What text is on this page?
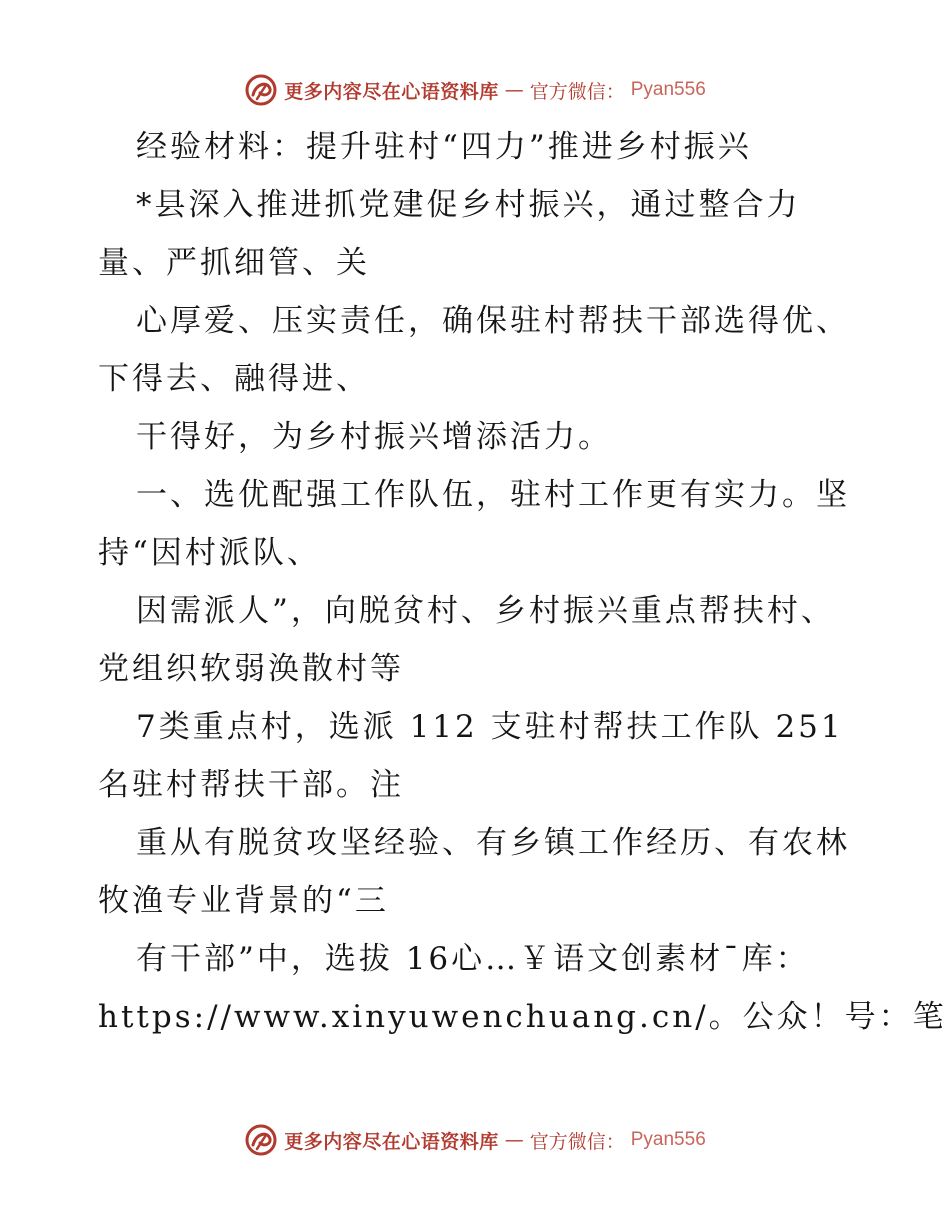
更多内容尽在心语资料库 — 官方微信： Pyan556
经验材料：提升驻村“四力”推进乡村振兴
*县深入推进抓党建促乡村振兴，通过整合力
量、严抓细管、关
心厚爱、压实责任，确保驻村帮扶干部选得优、
下得去、融得进、
干得好，为乡村振兴增添活力。
一、选优配强工作队伍，驻村工作更有实力。坚
持“因村派队、
因需派人”，向脱贫村、乡村振兴重点帮扶村、
党组织软弱涣散村等
7类重点村，选派 112 支驻村帮扶工作队 251
名驻村帮扶干部。注
重从有脱贫攻坚经验、有乡镇工作经历、有农林
牧渔专业背景的“三
有干部”中，选拔 16心…￥语文创素材¯库：
https://www.xinyuwenchuang.cn/。公众！号：笔
更多内容尽在心语资料库 — 官方微信： Pyan556
